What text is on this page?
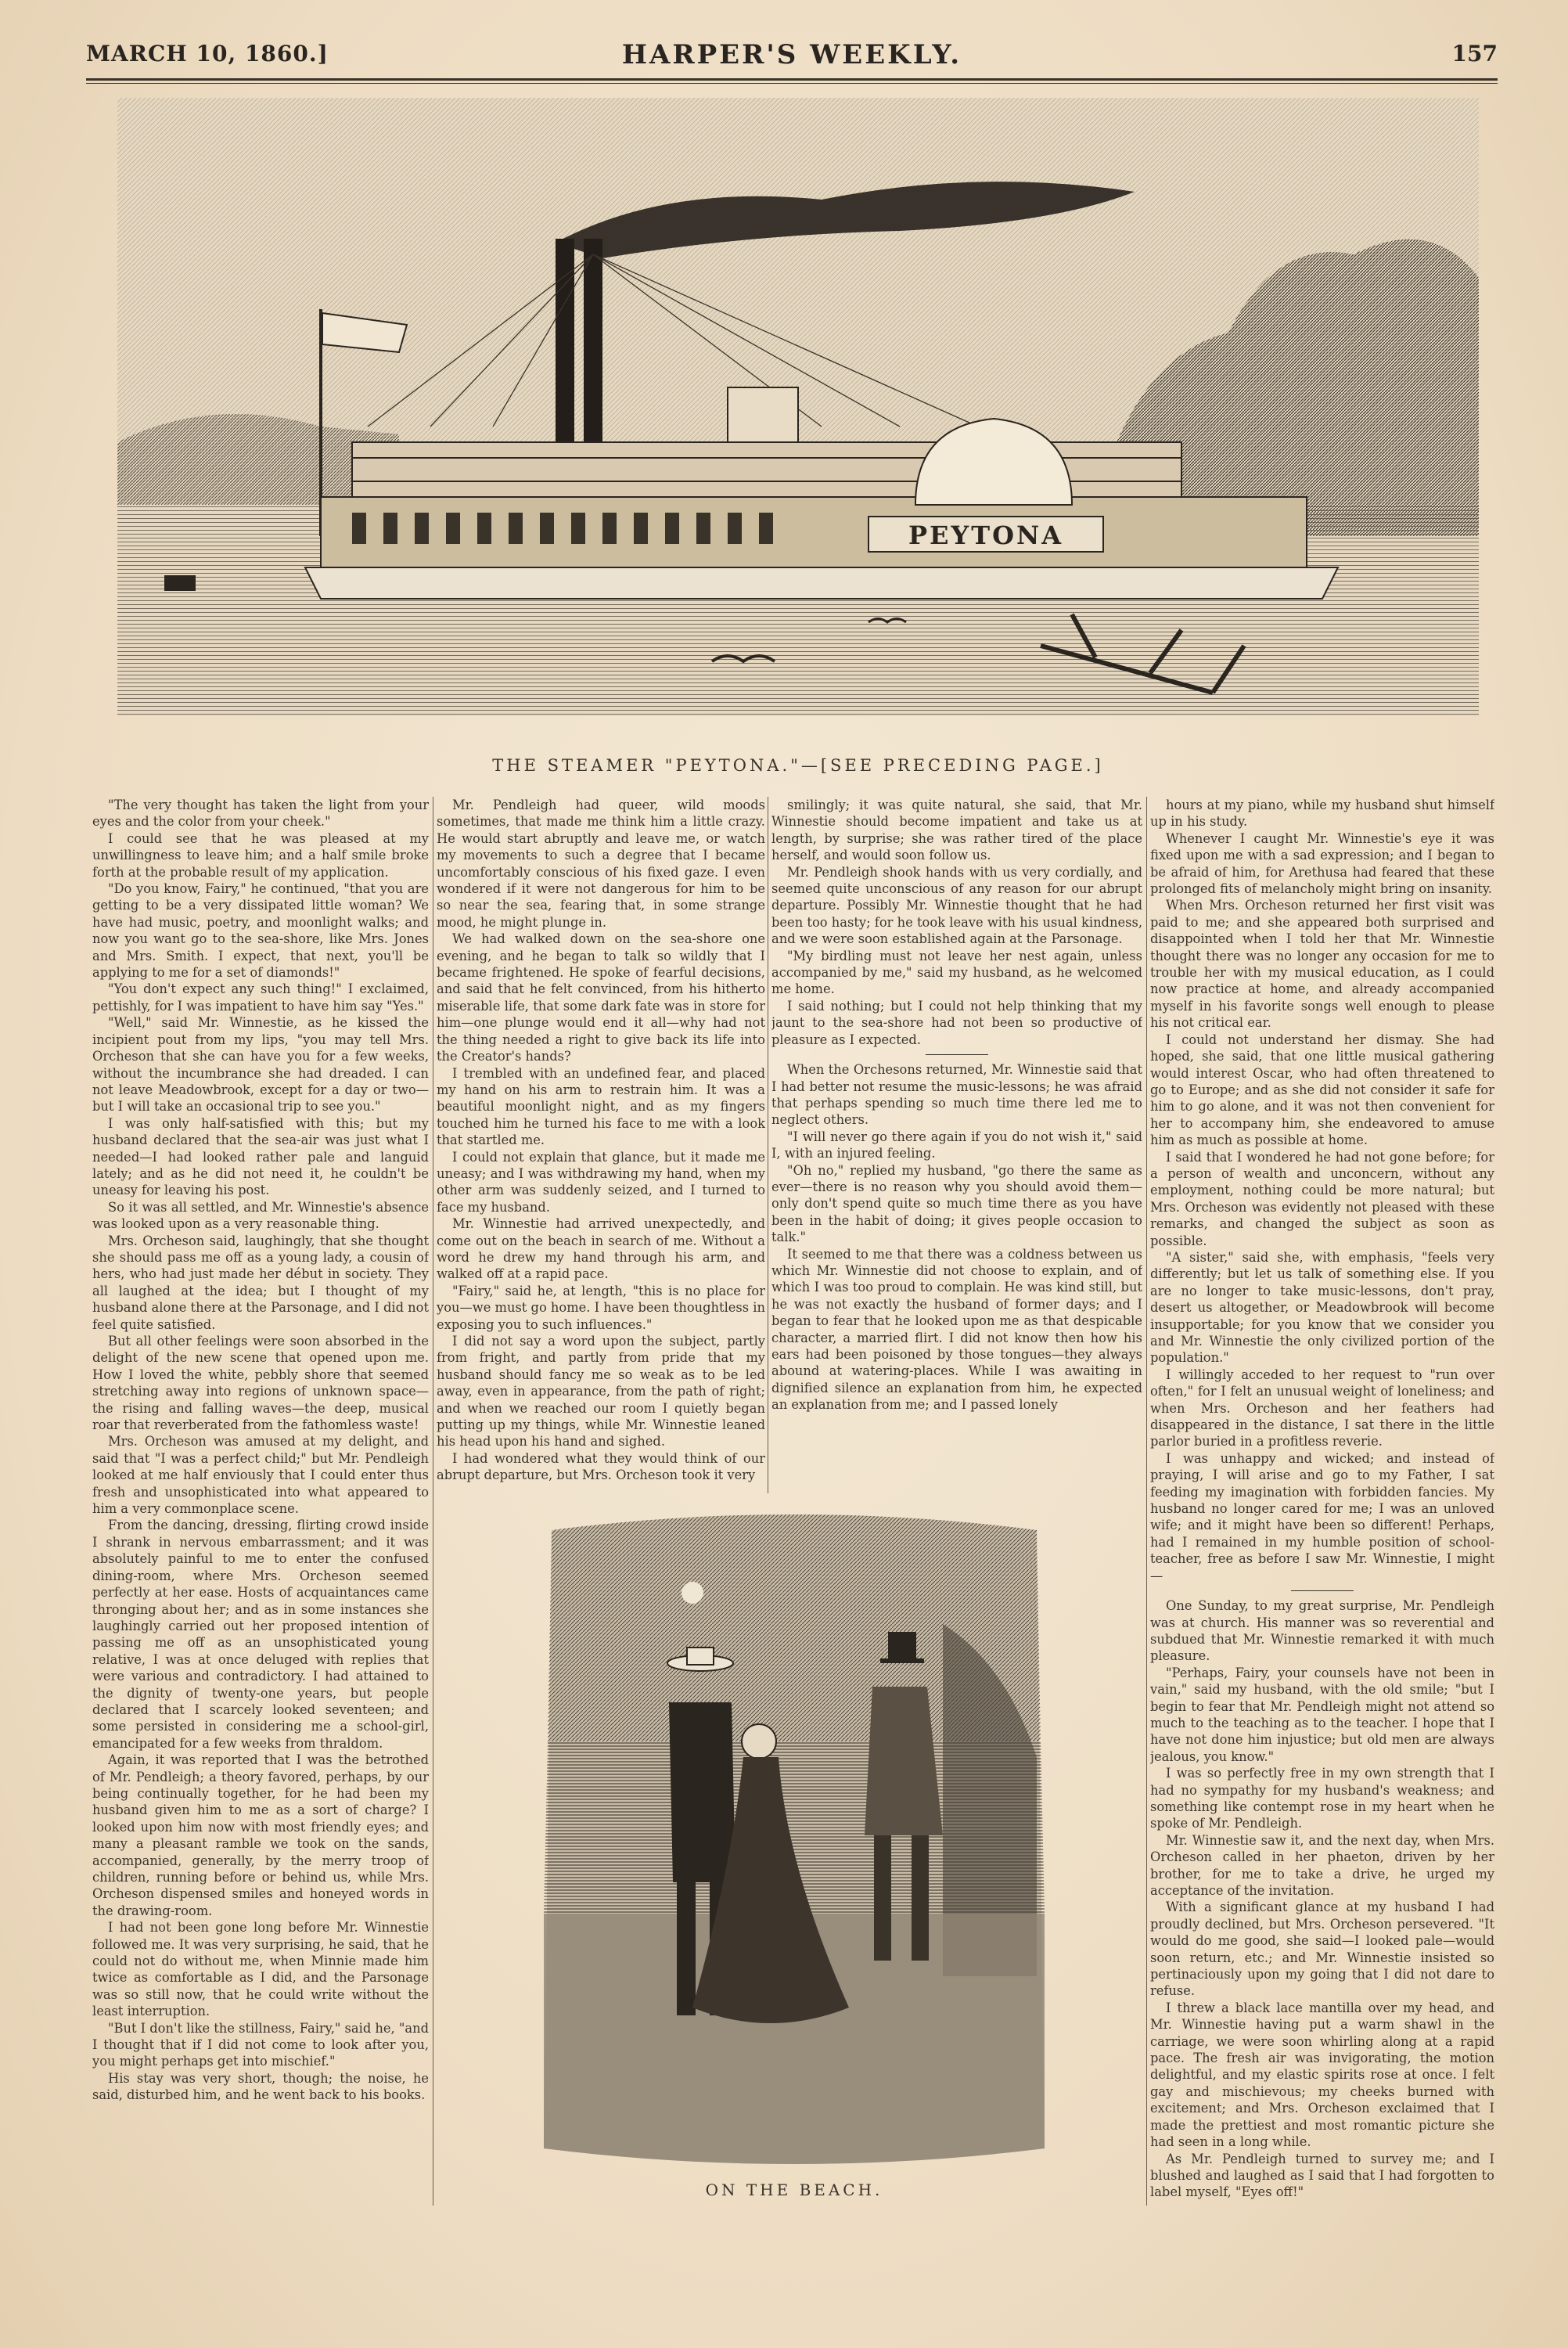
MARCH 10, 1860.]	HARPER'S WEEKLY.	157
PEYTONA
THE STEAMER "PEYTONA."—[SEE PRECEDING PAGE.]

"The very thought has taken the light from your eyes and the color from your cheek."

I could see that he was pleased at my unwillingness to leave him; and a half smile broke forth at the probable result of my application.

"Do you know, Fairy," he continued, "that you are getting to be a very dissipated little woman? We have had music, poetry, and moonlight walks; and now you want go to the sea-shore, like Mrs. Jones and Mrs. Smith. I expect, that next, you'll be applying to me for a set of diamonds!"

"You don't expect any such thing!" I exclaimed, pettishly, for I was impatient to have him say "Yes."

"Well," said Mr. Winnestie, as he kissed the incipient pout from my lips, "you may tell Mrs. Orcheson that she can have you for a few weeks, without the incumbrance she had dreaded. I can not leave Meadowbrook, except for a day or two—but I will take an occasional trip to see you."

I was only half-satisfied with this; but my husband declared that the sea-air was just what I needed—I had looked rather pale and languid lately; and as he did not need it, he couldn't be uneasy for leaving his post.

So it was all settled, and Mr. Winnestie's absence was looked upon as a very reasonable thing.

Mrs. Orcheson said, laughingly, that she thought she should pass me off as a young lady, a cousin of hers, who had just made her début in society. They all laughed at the idea; but I thought of my husband alone there at the Parsonage, and I did not feel quite satisfied.

But all other feelings were soon absorbed in the delight of the new scene that opened upon me. How I loved the white, pebbly shore that seemed stretching away into regions of unknown space—the rising and falling waves—the deep, musical roar that reverberated from the fathomless waste!

Mrs. Orcheson was amused at my delight, and said that "I was a perfect child;" but Mr. Pendleigh looked at me half enviously that I could enter thus fresh and unsophisticated into what appeared to him a very commonplace scene.

From the dancing, dressing, flirting crowd inside I shrank in nervous embarrassment; and it was absolutely painful to me to enter the confused dining-room, where Mrs. Orcheson seemed perfectly at her ease. Hosts of acquaintances came thronging about her; and as in some instances she laughingly carried out her proposed intention of passing me off as an unsophisticated young relative, I was at once deluged with replies that were various and contradictory. I had attained to the dignity of twenty-one years, but people declared that I scarcely looked seventeen; and some persisted in considering me a school-girl, emancipated for a few weeks from thraldom.

Again, it was reported that I was the betrothed of Mr. Pendleigh; a theory favored, perhaps, by our being continually together, for he had been my husband given him to me as a sort of charge? I looked upon him now with most friendly eyes; and many a pleasant ramble we took on the sands, accompanied, generally, by the merry troop of children, running before or behind us, while Mrs. Orcheson dispensed smiles and honeyed words in the drawing-room.

I had not been gone long before Mr. Winnestie followed me. It was very surprising, he said, that he could not do without me, when Minnie made him twice as comfortable as I did, and the Parsonage was so still now, that he could write without the least interruption.

"But I don't like the stillness, Fairy," said he, "and I thought that if I did not come to look after you, you might perhaps get into mischief."

His stay was very short, though; the noise, he said, disturbed him, and he went back to his books.

Mr. Pendleigh had queer, wild moods sometimes, that made me think him a little crazy. He would start abruptly and leave me, or watch my movements to such a degree that I became uncomfortably conscious of his fixed gaze. I even wondered if it were not dangerous for him to be so near the sea, fearing that, in some strange mood, he might plunge in.

We had walked down on the sea-shore one evening, and he began to talk so wildly that I became frightened. He spoke of fearful decisions, and said that he felt convinced, from his hitherto miserable life, that some dark fate was in store for him—one plunge would end it all—why had not the thing needed a right to give back its life into the Creator's hands?

I trembled with an undefined fear, and placed my hand on his arm to restrain him. It was a beautiful moonlight night, and as my fingers touched him he turned his face to me with a look that startled me.

I could not explain that glance, but it made me uneasy; and I was withdrawing my hand, when my other arm was suddenly seized, and I turned to face my husband.

Mr. Winnestie had arrived unexpectedly, and come out on the beach in search of me. Without a word he drew my hand through his arm, and walked off at a rapid pace.

"Fairy," said he, at length, "this is no place for you—we must go home. I have been thoughtless in exposing you to such influences."

I did not say a word upon the subject, partly from fright, and partly from pride that my husband should fancy me so weak as to be led away, even in appearance, from the path of right; and when we reached our room I quietly began putting up my things, while Mr. Winnestie leaned his head upon his hand and sighed.

I had wondered what they would think of our abrupt departure, but Mrs. Orcheson took it very

smilingly; it was quite natural, she said, that Mr. Winnestie should become impatient and take us at length, by surprise; she was rather tired of the place herself, and would soon follow us.

Mr. Pendleigh shook hands with us very cordially, and seemed quite unconscious of any reason for our abrupt departure. Possibly Mr. Winnestie thought that he had been too hasty; for he took leave with his usual kindness, and we were soon established again at the Parsonage.

"My birdling must not leave her nest again, unless accompanied by me," said my husband, as he welcomed me home.

I said nothing; but I could not help thinking that my jaunt to the sea-shore had not been so productive of pleasure as I expected.

When the Orchesons returned, Mr. Winnestie said that I had better not resume the music-lessons; he was afraid that perhaps spending so much time there led me to neglect others.

"I will never go there again if you do not wish it," said I, with an injured feeling.

"Oh no," replied my husband, "go there the same as ever—there is no reason why you should avoid them—only don't spend quite so much time there as you have been in the habit of doing; it gives people occasion to talk."

It seemed to me that there was a coldness between us which Mr. Winnestie did not choose to explain, and of which I was too proud to complain. He was kind still, but he was not exactly the husband of former days; and I began to fear that he looked upon me as that despicable character, a married flirt. I did not know then how his ears had been poisoned by those tongues—they always abound at watering-places. While I was awaiting in dignified silence an explanation from him, he expected an explanation from me; and I passed lonely

hours at my piano, while my husband shut himself up in his study.

Whenever I caught Mr. Winnestie's eye it was fixed upon me with a sad expression; and I began to be afraid of him, for Arethusa had feared that these prolonged fits of melancholy might bring on insanity.

When Mrs. Orcheson returned her first visit was paid to me; and she appeared both surprised and disappointed when I told her that Mr. Winnestie thought there was no longer any occasion for me to trouble her with my musical education, as I could now practice at home, and already accompanied myself in his favorite songs well enough to please his not critical ear.

I could not understand her dismay. She had hoped, she said, that one little musical gathering would interest Oscar, who had often threatened to go to Europe; and as she did not consider it safe for him to go alone, and it was not then convenient for her to accompany him, she endeavored to amuse him as much as possible at home.

I said that I wondered he had not gone before; for a person of wealth and unconcern, without any employment, nothing could be more natural; but Mrs. Orcheson was evidently not pleased with these remarks, and changed the subject as soon as possible.

"A sister," said she, with emphasis, "feels very differently; but let us talk of something else. If you are no longer to take music-lessons, don't pray, desert us altogether, or Meadowbrook will become insupportable; for you know that we consider you and Mr. Winnestie the only civilized portion of the population."

I willingly acceded to her request to "run over often," for I felt an unusual weight of loneliness; and when Mrs. Orcheson and her feathers had disappeared in the distance, I sat there in the little parlor buried in a profitless reverie.

I was unhappy and wicked; and instead of praying, I will arise and go to my Father, I sat feeding my imagination with forbidden fancies. My husband no longer cared for me; I was an unloved wife; and it might have been so different! Perhaps, had I remained in my humble position of school-teacher, free as before I saw Mr. Winnestie, I might—

One Sunday, to my great surprise, Mr. Pendleigh was at church. His manner was so reverential and subdued that Mr. Winnestie remarked it with much pleasure.

"Perhaps, Fairy, your counsels have not been in vain," said my husband, with the old smile; "but I begin to fear that Mr. Pendleigh might not attend so much to the teaching as to the teacher. I hope that I have not done him injustice; but old men are always jealous, you know."

I was so perfectly free in my own strength that I had no sympathy for my husband's weakness; and something like contempt rose in my heart when he spoke of Mr. Pendleigh.

Mr. Winnestie saw it, and the next day, when Mrs. Orcheson called in her phaeton, driven by her brother, for me to take a drive, he urged my acceptance of the invitation.

With a significant glance at my husband I had proudly declined, but Mrs. Orcheson persevered. "It would do me good, she said—I looked pale—would soon return, etc.; and Mr. Winnestie insisted so pertinaciously upon my going that I did not dare to refuse.

I threw a black lace mantilla over my head, and Mr. Winnestie having put a warm shawl in the carriage, we were soon whirling along at a rapid pace. The fresh air was invigorating, the motion delightful, and my elastic spirits rose at once. I felt gay and mischievous; my cheeks burned with excitement; and Mrs. Orcheson exclaimed that I made the prettiest and most romantic picture she had seen in a long while.

As Mr. Pendleigh turned to survey me; and I blushed and laughed as I said that I had forgotten to label myself, "Eyes off!"

ON THE BEACH.
